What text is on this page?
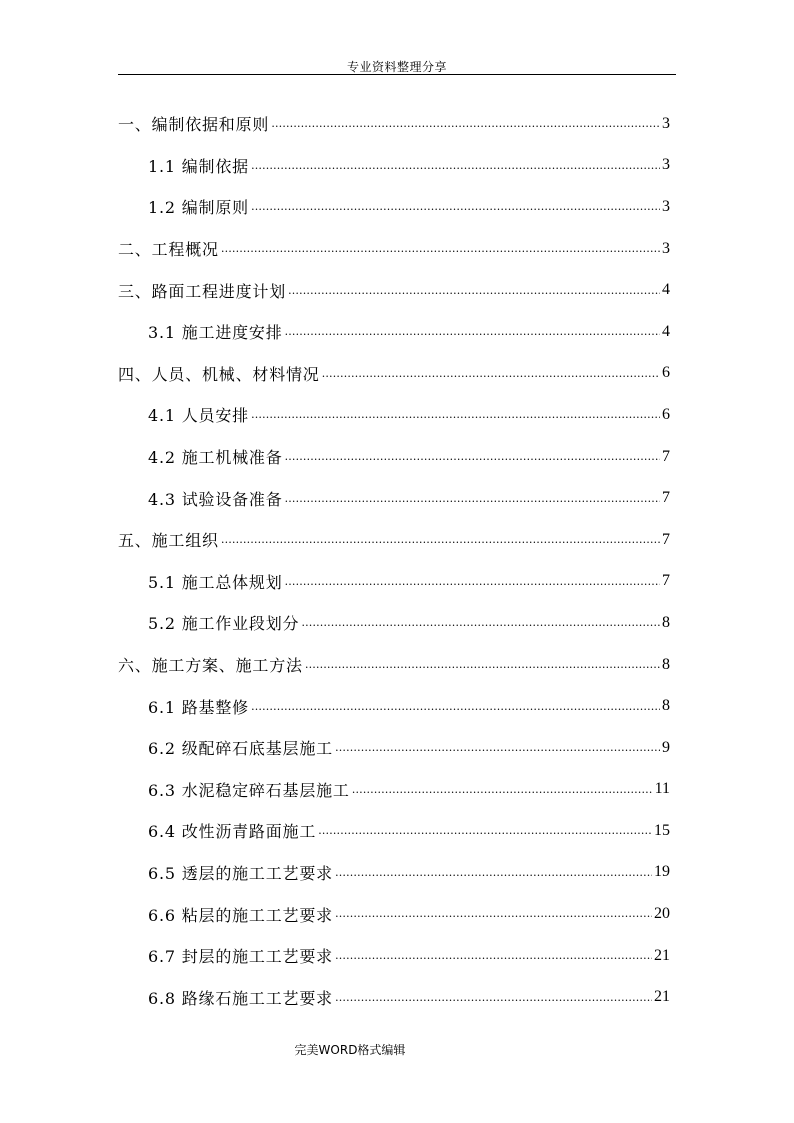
专业资料整理分享
一、编制依据和原则 ……………………………………………………………………………………………………………………………………………………………………………………………………………………	3
1.1 编制依据 ……………………………………………………………………………………………………………………………………………………………………………………………………………………	3
1.2 编制原则 ……………………………………………………………………………………………………………………………………………………………………………………………………………………	3
二、工程概况 ……………………………………………………………………………………………………………………………………………………………………………………………………………………	3
三、路面工程进度计划 ……………………………………………………………………………………………………………………………………………………………………………………………………………………	4
3.1 施工进度安排 ……………………………………………………………………………………………………………………………………………………………………………………………………………………	4
四、人员、机械、材料情况 ……………………………………………………………………………………………………………………………………………………………………………………………………………………	6
4.1 人员安排 ……………………………………………………………………………………………………………………………………………………………………………………………………………………	6
4.2 施工机械准备 ……………………………………………………………………………………………………………………………………………………………………………………………………………………	7
4.3 试验设备准备 ……………………………………………………………………………………………………………………………………………………………………………………………………………………	7
五、施工组织 ……………………………………………………………………………………………………………………………………………………………………………………………………………………	7
5.1 施工总体规划 ……………………………………………………………………………………………………………………………………………………………………………………………………………………	7
5.2 施工作业段划分 ……………………………………………………………………………………………………………………………………………………………………………………………………………………	8
六、施工方案、施工方法 ……………………………………………………………………………………………………………………………………………………………………………………………………………………	8
6.1 路基整修 ……………………………………………………………………………………………………………………………………………………………………………………………………………………	8
6.2 级配碎石底基层施工 ……………………………………………………………………………………………………………………………………………………………………………………………………………………	9
6.3 水泥稳定碎石基层施工 ……………………………………………………………………………………………………………………………………………………………………………………………………………………	11
6.4 改性沥青路面施工 ……………………………………………………………………………………………………………………………………………………………………………………………………………………	15
6.5 透层的施工工艺要求 ……………………………………………………………………………………………………………………………………………………………………………………………………………………	19
6.6 粘层的施工工艺要求 ……………………………………………………………………………………………………………………………………………………………………………………………………………………	20
6.7 封层的施工工艺要求 ……………………………………………………………………………………………………………………………………………………………………………………………………………………	21
6.8 路缘石施工工艺要求 ……………………………………………………………………………………………………………………………………………………………………………………………………………………	21
完美WORD格式编辑
